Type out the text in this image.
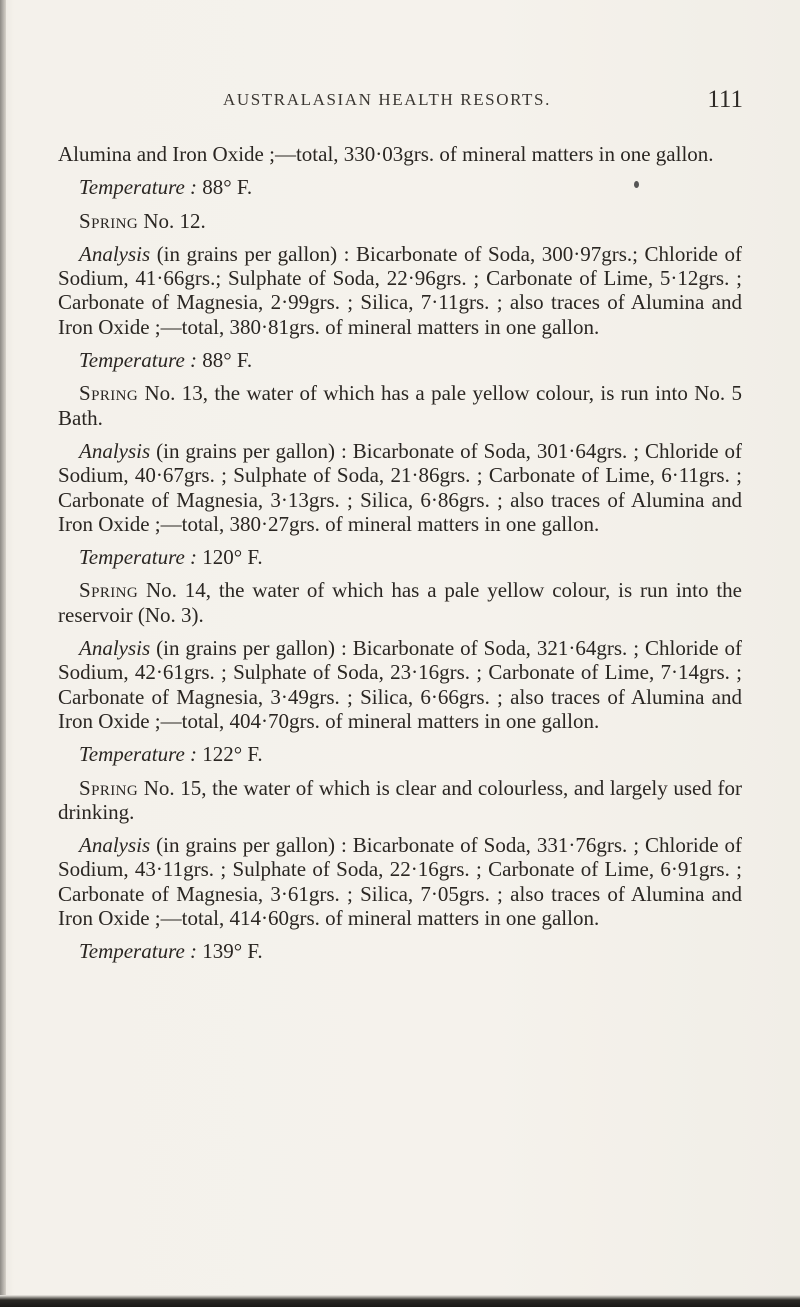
AUSTRALASIAN HEALTH RESORTS.	111

Alumina and Iron Oxide ;—total, 330·03grs. of mineral matters in one gallon.

 Temperature : 88° F.

 Spring No. 12.

 Analysis (in grains per gallon) : Bicarbonate of Soda, 300·97grs.; Chloride of Sodium, 41·66grs.; Sulphate of Soda, 22·96grs. ; Carbonate of Lime, 5·12grs. ; Carbonate of Magnesia, 2·99grs. ; Silica, 7·11grs. ; also traces of Alumina and Iron Oxide ;—total, 380·81grs. of mineral matters in one gallon.

 Temperature : 88° F.

 Spring No. 13, the water of which has a pale yellow colour, is run into No. 5 Bath.

 Analysis (in grains per gallon) : Bicarbonate of Soda, 301·64grs. ; Chloride of Sodium, 40·67grs. ; Sulphate of Soda, 21·86grs. ; Carbonate of Lime, 6·11grs. ; Carbonate of Magnesia, 3·13grs. ; Silica, 6·86grs. ; also traces of Alumina and Iron Oxide ;—total, 380·27grs. of mineral matters in one gallon.

 Temperature : 120° F.

 Spring No. 14, the water of which has a pale yellow colour, is run into the reservoir (No. 3).

 Analysis (in grains per gallon) : Bicarbonate of Soda, 321·64grs. ; Chloride of Sodium, 42·61grs. ; Sulphate of Soda, 23·16grs. ; Carbonate of Lime, 7·14grs. ; Carbonate of Magnesia, 3·49grs. ; Silica, 6·66grs. ; also traces of Alumina and Iron Oxide ;—total, 404·70grs. of mineral matters in one gallon.

 Temperature : 122° F.

 Spring No. 15, the water of which is clear and colourless, and largely used for drinking.

 Analysis (in grains per gallon) : Bicarbonate of Soda, 331·76grs. ; Chloride of Sodium, 43·11grs. ; Sulphate of Soda, 22·16grs. ; Carbonate of Lime, 6·91grs. ; Carbonate of Magnesia, 3·61grs. ; Silica, 7·05grs. ; also traces of Alumina and Iron Oxide ;—total, 414·60grs. of mineral matters in one gallon.

 Temperature : 139° F.
